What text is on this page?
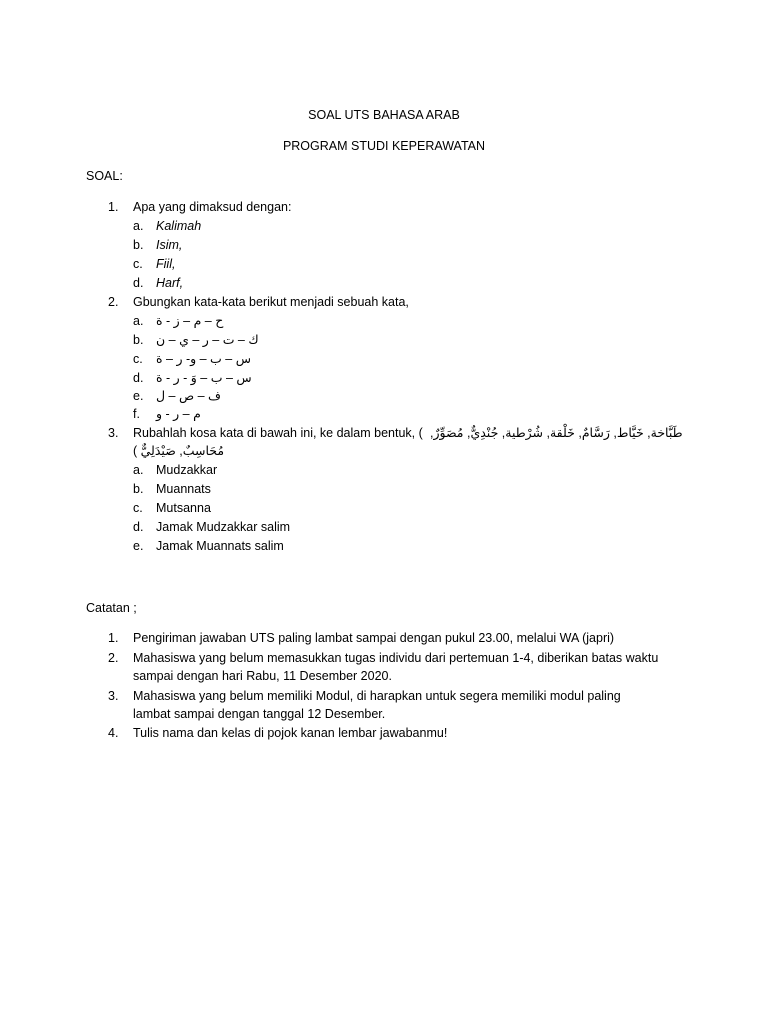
SOAL UTS BAHASA ARAB
PROGRAM STUDI KEPERAWATAN
SOAL:
1. Apa yang dimaksud dengan:
a. Kalimah
b. Isim,
c. Fiil,
d. Harf,
2. Gbungkan kata-kata berikut menjadi sebuah kata,
a. ح – م – ز - ة
b. ك – ت – ر – ي – ن
c. س – ب – و- ر – ة
d. س – ب – وَ - ر - ة
e. ف – ص – ل
f. م – ر - و
3. Rubahlah kosa kata di bawah ini, ke dalam bentuk, ( طَبَّاخة, خَيَّاط, رَسَّامٌ, خَلْقة, شُرْطية, جُنْدِيٌّ, مُصَوِّرٌ,
مُحَاسِبٌ, صَيْدَلِيٌّ )
a. Mudzakkar
b. Muannats
c. Mutsanna
d. Jamak Mudzakkar salim
e. Jamak Muannats salim
Catatan ;
1. Pengiriman jawaban UTS paling lambat sampai dengan pukul 23.00, melalui WA (japri)
2. Mahasiswa yang belum memasukkan tugas individu dari pertemuan 1-4, diberikan batas waktu
sampai dengan hari Rabu, 11 Desember 2020.
3. Mahasiswa yang belum memiliki Modul, di harapkan untuk segera memiliki modul paling
lambat sampai dengan tanggal 12 Desember.
4. Tulis nama dan kelas di pojok kanan lembar jawabanmu!
